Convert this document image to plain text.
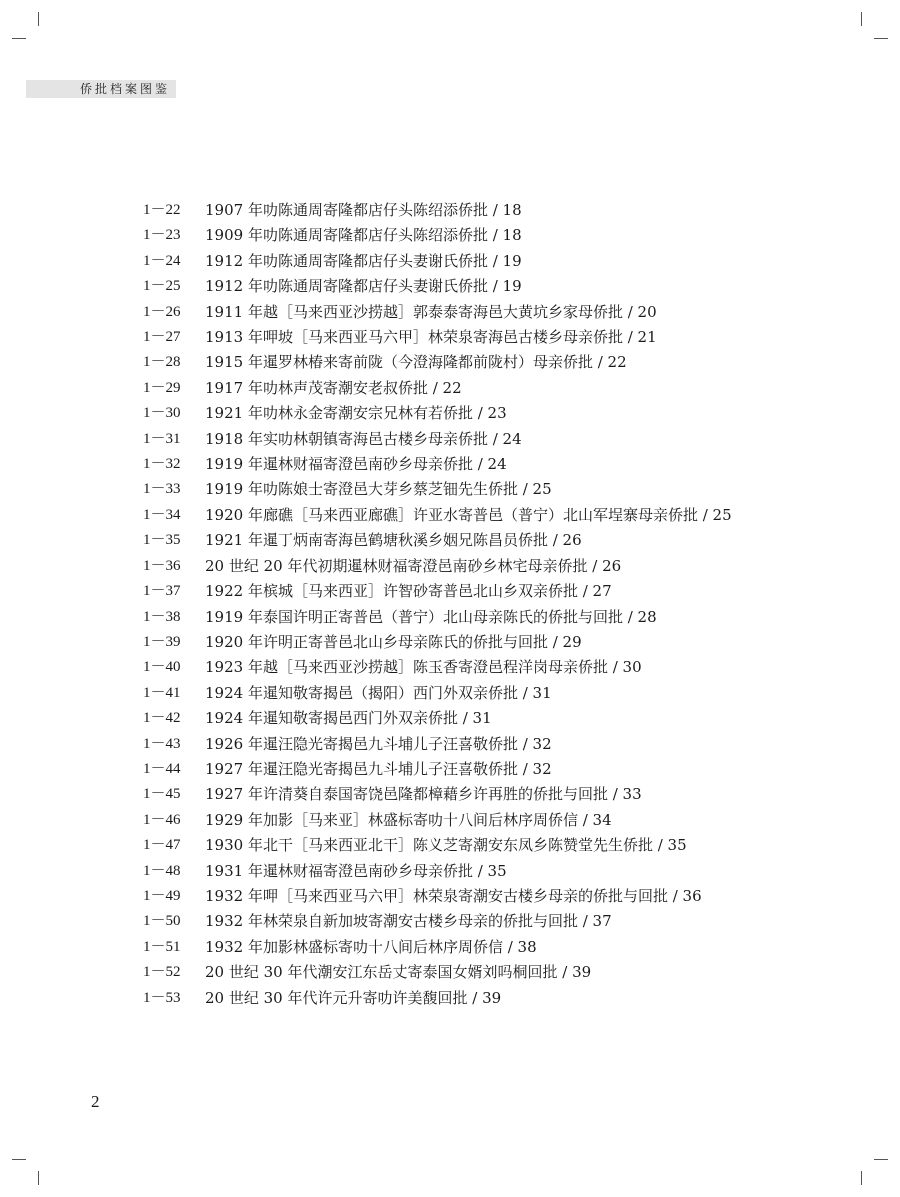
侨批档案图鉴
1－22	1907 年叻陈通周寄隆都店仔头陈绍添侨批 / 18
1－23	1909 年叻陈通周寄隆都店仔头陈绍添侨批 / 18
1－24	1912 年叻陈通周寄隆都店仔头妻谢氏侨批 / 19
1－25	1912 年叻陈通周寄隆都店仔头妻谢氏侨批 / 19
1－26	1911 年越［马来西亚沙捞越］郭泰泰寄海邑大黄坑乡家母侨批 / 20
1－27	1913 年呷坡［马来西亚马六甲］林荣泉寄海邑古楼乡母亲侨批 / 21
1－28	1915 年暹罗林椿来寄前陇（今澄海隆都前陇村）母亲侨批 / 22
1－29	1917 年叻林声茂寄潮安老叔侨批 / 22
1－30	1921 年叻林永金寄潮安宗兄林有若侨批 / 23
1－31	1918 年实叻林朝镇寄海邑古楼乡母亲侨批 / 24
1－32	1919 年暹林财福寄澄邑南砂乡母亲侨批 / 24
1－33	1919 年叻陈娘士寄澄邑大芽乡蔡芝钿先生侨批 / 25
1－34	1920 年廊礁［马来西亚廊礁］许亚水寄普邑（普宁）北山军埕寨母亲侨批 / 25
1－35	1921 年暹丁炳南寄海邑鹤塘秋溪乡姻兄陈昌员侨批 / 26
1－36	20 世纪 20 年代初期暹林财福寄澄邑南砂乡林宅母亲侨批 / 26
1－37	1922 年槟城［马来西亚］许智砂寄普邑北山乡双亲侨批 / 27
1－38	1919 年泰国许明正寄普邑（普宁）北山母亲陈氏的侨批与回批 / 28
1－39	1920 年许明正寄普邑北山乡母亲陈氏的侨批与回批 / 29
1－40	1923 年越［马来西亚沙捞越］陈玉香寄澄邑程洋岗母亲侨批 / 30
1－41	1924 年暹知敬寄揭邑（揭阳）西门外双亲侨批 / 31
1－42	1924 年暹知敬寄揭邑西门外双亲侨批 / 31
1－43	1926 年暹汪隐光寄揭邑九斗埔儿子汪喜敬侨批 / 32
1－44	1927 年暹汪隐光寄揭邑九斗埔儿子汪喜敬侨批 / 32
1－45	1927 年许清葵自泰国寄饶邑隆都樟藉乡许再胜的侨批与回批 / 33
1－46	1929 年加影［马来亚］林盛标寄叻十八间后林序周侨信 / 34
1－47	1930 年北干［马来西亚北干］陈义芝寄潮安东凤乡陈赞堂先生侨批 / 35
1－48	1931 年暹林财福寄澄邑南砂乡母亲侨批 / 35
1－49	1932 年呷［马来西亚马六甲］林荣泉寄潮安古楼乡母亲的侨批与回批 / 36
1－50	1932 年林荣泉自新加坡寄潮安古楼乡母亲的侨批与回批 / 37
1－51	1932 年加影林盛标寄叻十八间后林序周侨信 / 38
1－52	20 世纪 30 年代潮安江东岳丈寄泰国女婿刘吗桐回批 / 39
1－53	20 世纪 30 年代许元升寄叻许美馥回批 / 39
2
